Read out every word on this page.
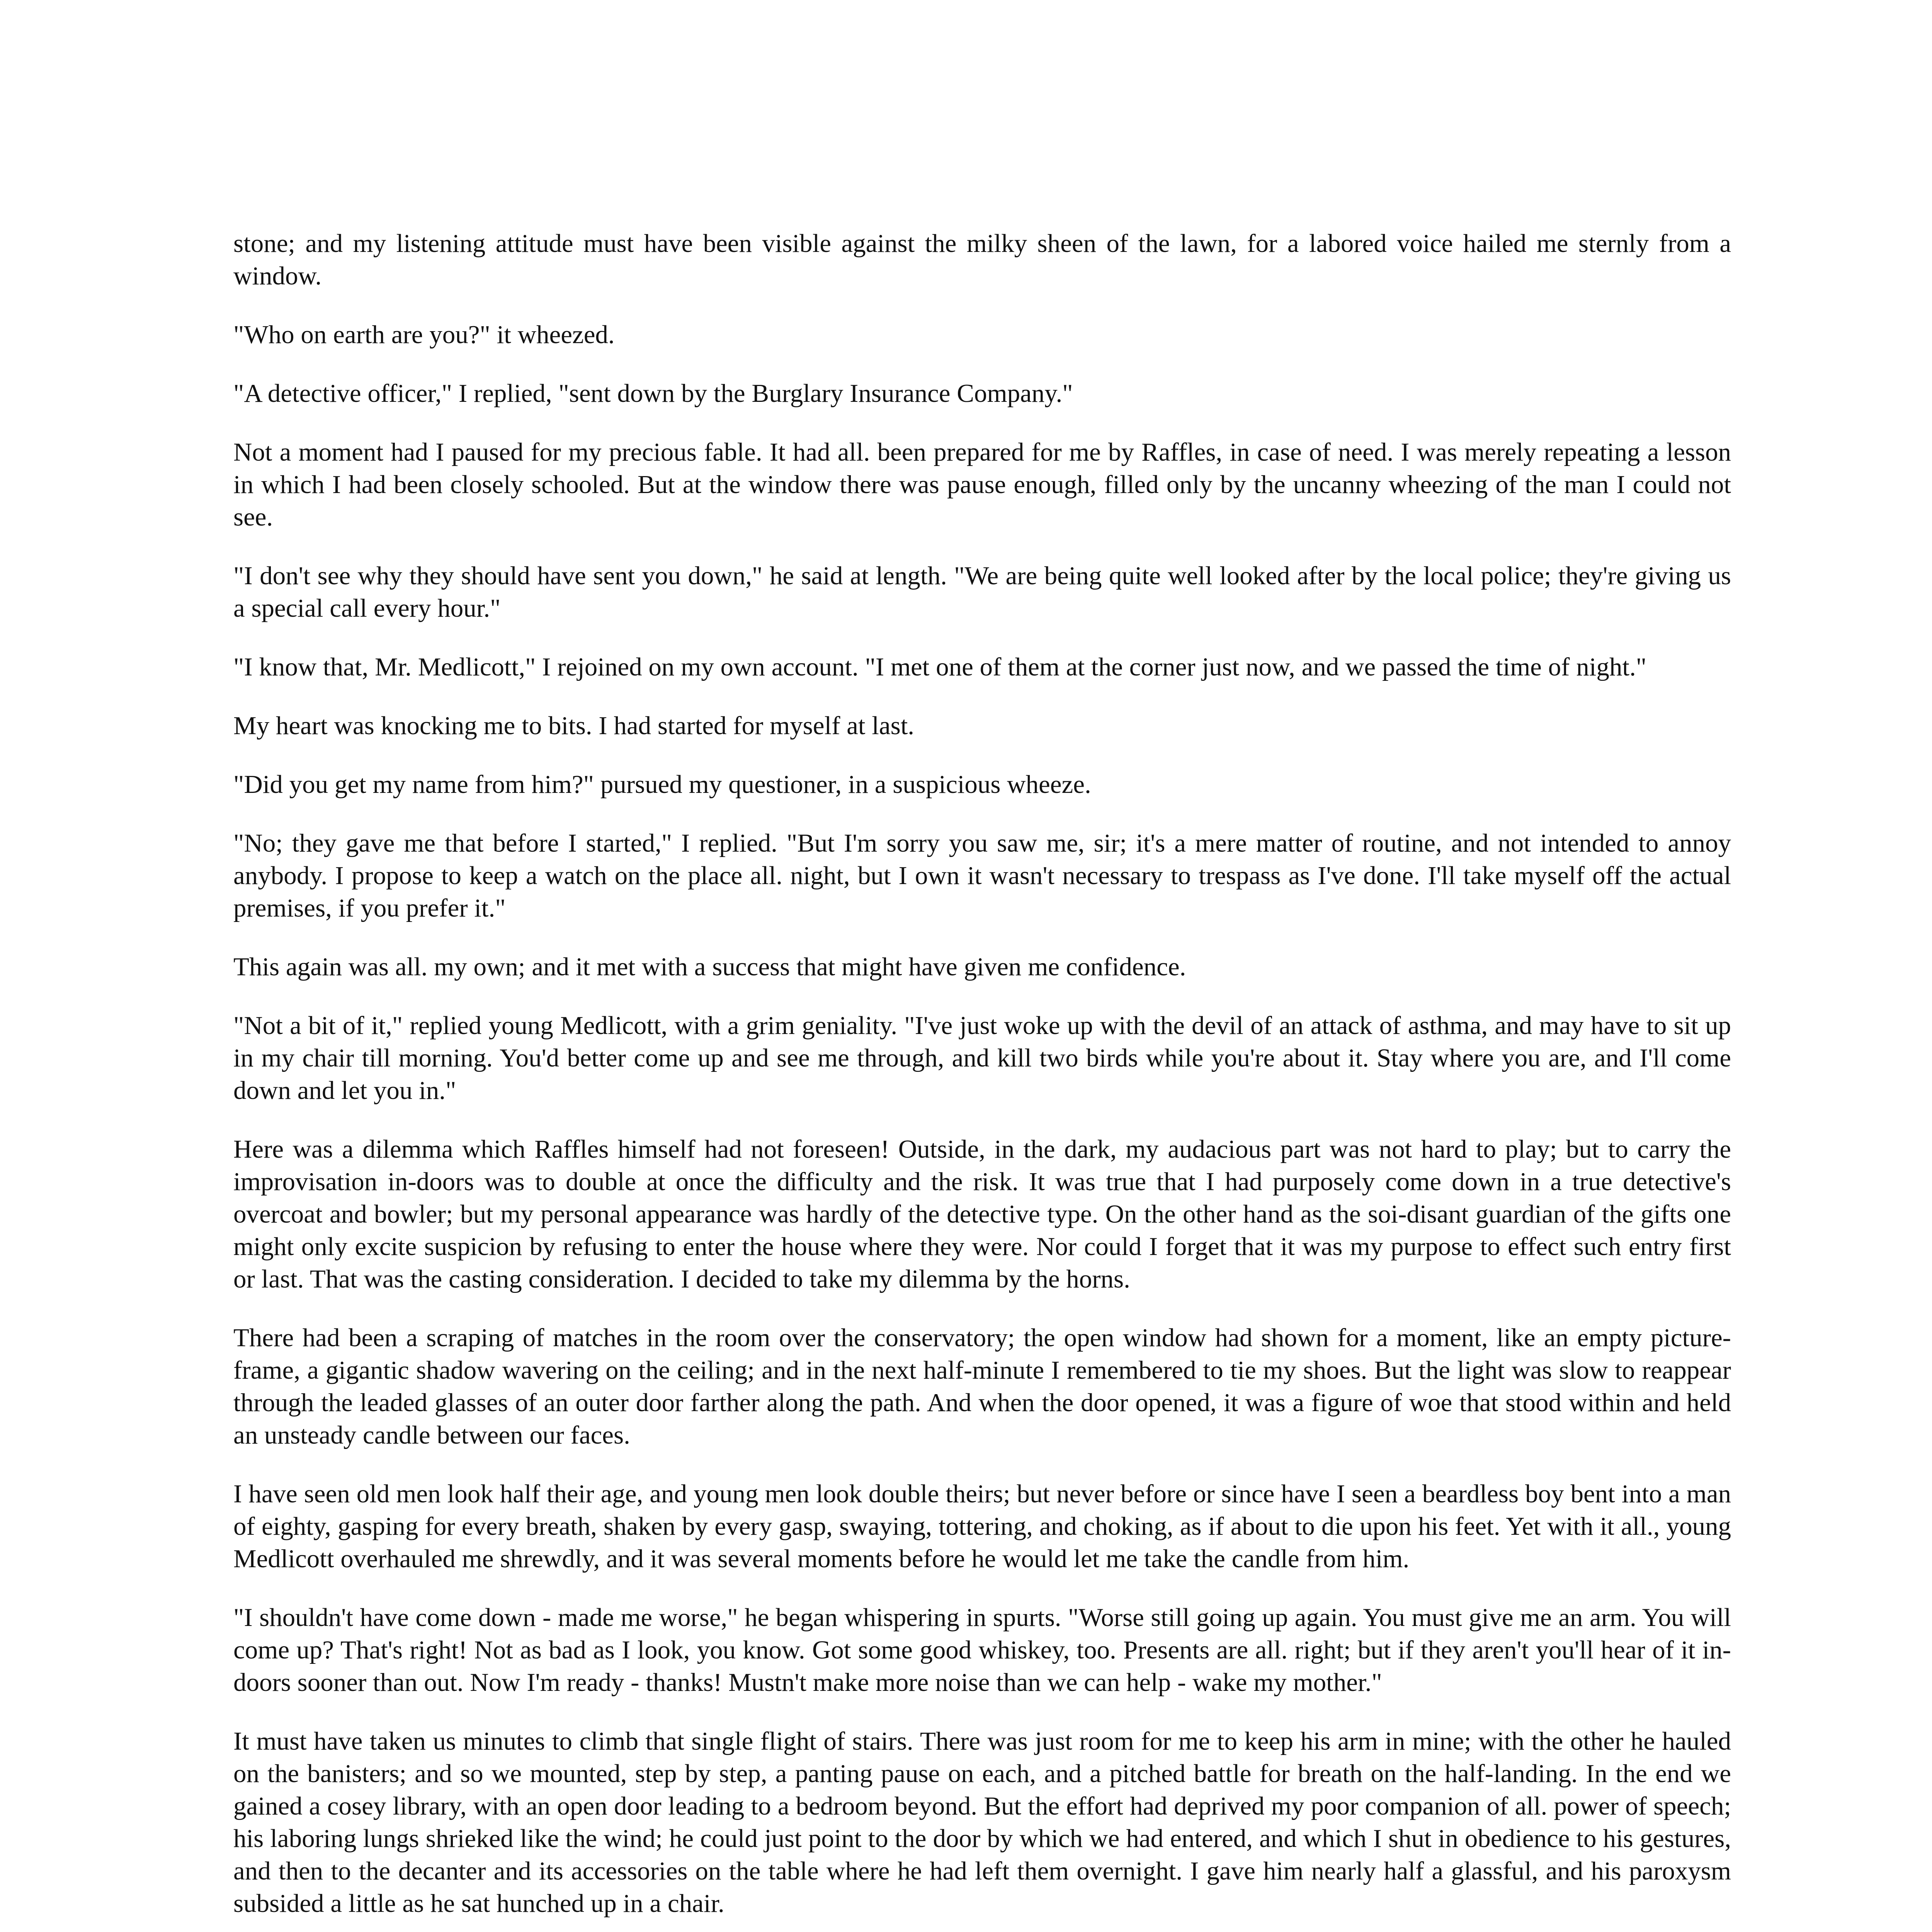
stone; and my listening attitude must have been visible against the milky sheen of the lawn, for a labored voice hailed me sternly from a window.

"Who on earth are you?" it wheezed.

"A detective officer," I replied, "sent down by the Burglary Insurance Company."

Not a moment had I paused for my precious fable. It had all. been prepared for me by Raffles, in case of need. I was merely repeating a lesson in which I had been closely schooled. But at the window there was pause enough, filled only by the uncanny wheezing of the man I could not see.

"I don't see why they should have sent you down," he said at length. "We are being quite well looked after by the local police; they're giving us a special call every hour."

"I know that, Mr. Medlicott," I rejoined on my own account. "I met one of them at the corner just now, and we passed the time of night."

My heart was knocking me to bits. I had started for myself at last.

"Did you get my name from him?" pursued my questioner, in a suspicious wheeze.

"No; they gave me that before I started," I replied. "But I'm sorry you saw me, sir; it's a mere matter of routine, and not intended to annoy anybody. I propose to keep a watch on the place all. night, but I own it wasn't necessary to trespass as I've done. I'll take myself off the actual premises, if you prefer it."

This again was all. my own; and it met with a success that might have given me confidence.

"Not a bit of it," replied young Medlicott, with a grim geniality. "I've just woke up with the devil of an attack of asthma, and may have to sit up in my chair till morning. You'd better come up and see me through, and kill two birds while you're about it. Stay where you are, and I'll come down and let you in."

Here was a dilemma which Raffles himself had not foreseen! Outside, in the dark, my audacious part was not hard to play; but to carry the improvisation in-doors was to double at once the difficulty and the risk. It was true that I had purposely come down in a true detective's overcoat and bowler; but my personal appearance was hardly of the detective type. On the other hand as the soi-disant guardian of the gifts one might only excite suspicion by refusing to enter the house where they were. Nor could I forget that it was my purpose to effect such entry first or last. That was the casting consideration. I decided to take my dilemma by the horns.

There had been a scraping of matches in the room over the conservatory; the open window had shown for a moment, like an empty picture-frame, a gigantic shadow wavering on the ceiling; and in the next half-minute I remembered to tie my shoes. But the light was slow to reappear through the leaded glasses of an outer door farther along the path. And when the door opened, it was a figure of woe that stood within and held an unsteady candle between our faces.

I have seen old men look half their age, and young men look double theirs; but never before or since have I seen a beardless boy bent into a man of eighty, gasping for every breath, shaken by every gasp, swaying, tottering, and choking, as if about to die upon his feet. Yet with it all., young Medlicott overhauled me shrewdly, and it was several moments before he would let me take the candle from him.

"I shouldn't have come down - made me worse," he began whispering in spurts. "Worse still going up again. You must give me an arm. You will come up? That's right! Not as bad as I look, you know. Got some good whiskey, too. Presents are all. right; but if they aren't you'll hear of it in-doors sooner than out. Now I'm ready - thanks! Mustn't make more noise than we can help - wake my mother."

It must have taken us minutes to climb that single flight of stairs. There was just room for me to keep his arm in mine; with the other he hauled on the banisters; and so we mounted, step by step, a panting pause on each, and a pitched battle for breath on the half-landing. In the end we gained a cosey library, with an open door leading to a bedroom beyond. But the effort had deprived my poor companion of all. power of speech; his laboring lungs shrieked like the wind; he could just point to the door by which we had entered, and which I shut in obedience to his gestures, and then to the decanter and its accessories on the table where he had left them overnight. I gave him nearly half a glassful, and his paroxysm subsided a little as he sat hunched up in a chair.
